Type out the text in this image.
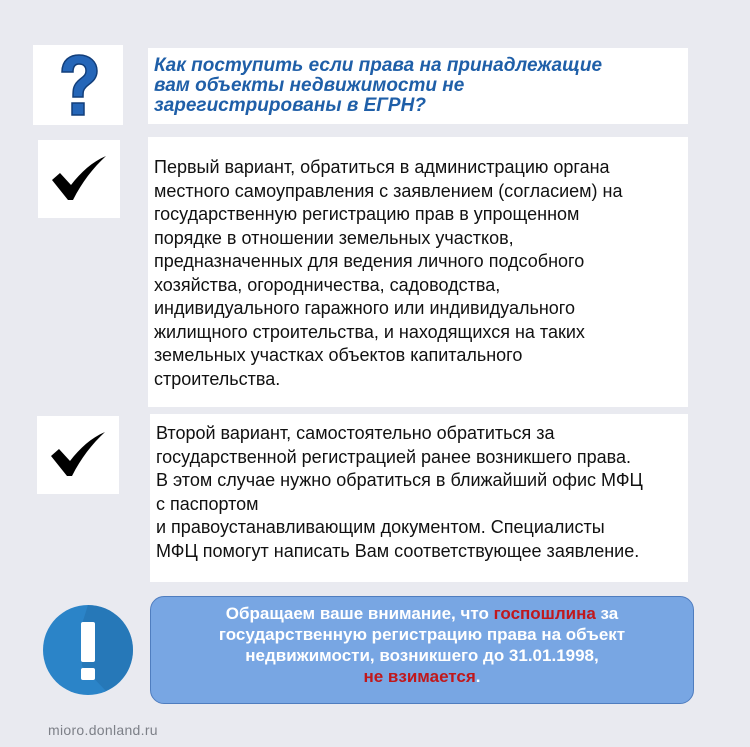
Как поступить если права на принадлежащие
вам объекты недвижимости не
зарегистрированы в ЕГРН?

Первый вариант, обратиться в администрацию органа
местного самоуправления с заявлением (согласием) на
государственную регистрацию прав в упрощенном
порядке в отношении земельных участков,
предназначенных для ведения личного подсобного
хозяйства, огородничества, садоводства,
индивидуального гаражного или индивидуального
жилищного строительства, и находящихся на таких
земельных участках объектов капитального
строительства.

Второй вариант, самостоятельно обратиться за
государственной регистрацией ранее возникшего права.
В этом случае нужно обратиться в ближайший офис МФЦ
с паспортом
и правоустанавливающим документом. Специалисты
МФЦ помогут написать Вам соответствующее заявление.

Обращаем ваше внимание, что госпошлина за
государственную регистрацию права на объект
недвижимости, возникшего до 31.01.1998,
не взимается.

mioro.donland.ru
